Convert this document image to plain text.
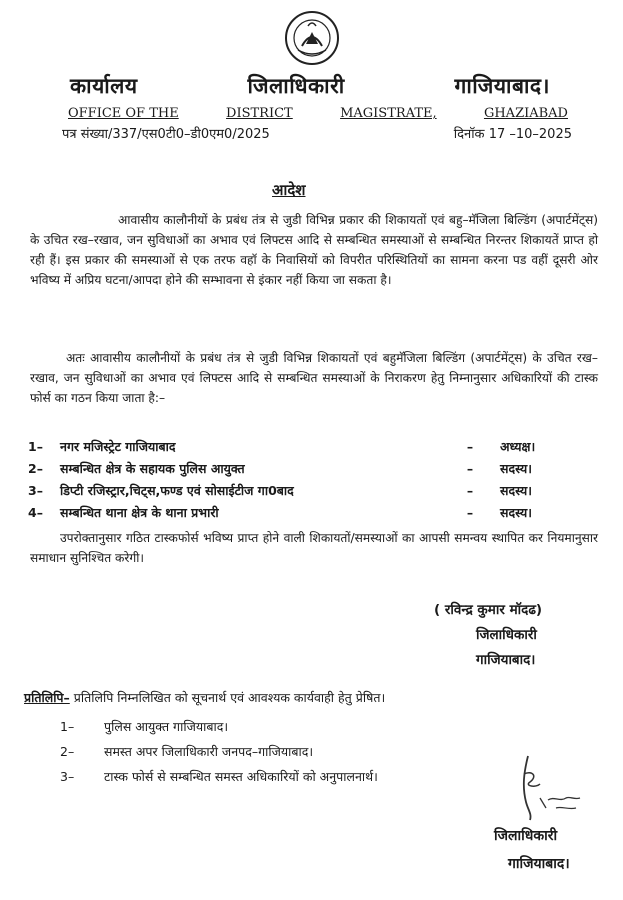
कार्यालय	जिलाधिकारी	गाजियाबाद।
OFFICE OF THE	DISTRICT	MAGISTRATE,	GHAZIABAD
पत्र संख्या/337/एस0टी0–डी0एम0/2025	दिनॉक 17 –10–2025
आदेश
आवासीय कालौनीयों के प्रबंध तंत्र से जुडी विभिन्न प्रकार की शिकायतों एवं बहु–मॅजिला बिल्डिंग (अपार्टमेंट्स) के उचित रख–रखाव, जन सुविधाओं का अभाव एवं लिफ्टस आदि से सम्बन्धित समस्याओं से सम्बन्धित निरन्तर शिकायतें प्राप्त हो रही हैं। इस प्रकार की समस्याओं से एक तरफ वहॉ के निवासियों को विपरीत परिस्थितियों का सामना करना पड वहीं दूसरी ओर भविष्य में अप्रिय घटना/आपदा होने की सम्भावना से इंकार नहीं किया जा सकता है।
अतः आवासीय कालौनीयों के प्रबंध तंत्र से जुडी विभिन्न शिकायतों एवं बहुमॅजिला बिल्डिंग (अपार्टमेंट्स) के उचित रख–रखाव, जन सुविधाओं का अभाव एवं लिफ्टस आदि से सम्बन्धित समस्याओं के निराकरण हेतु निम्नानुसार अधिकारियों की टास्क फोर्स का गठन किया जाता है:–
1–	नगर मजिस्ट्रेट गाजियाबाद	–	अध्यक्ष।
2–	सम्बन्धित क्षेत्र के सहायक पुलिस आयुक्त	–	सदस्य।
3–	डिप्टी रजिस्ट्रार,चिट्स,फण्ड एवं सोसाईटीज गा0बाद	–	सदस्य।
4–	सम्बन्धित थाना क्षेत्र के थाना प्रभारी	–	सदस्य।
उपरोक्तानुसार गठित टास्कफोर्स भविष्य प्राप्त होने वाली शिकायतों/समस्याओं का आपसी समन्वय स्थापित कर नियमानुसार समाधान सुनिश्चित करेगी।
( रविन्द्र कुमार मॉदढ)
जिलाधिकारी
गाजियाबाद।
प्रतिलिपि– प्रतिलिपि निम्नलिखित को सूचनार्थ एवं आवश्यक कार्यवाही हेतु प्रेषित।
1–	पुलिस आयुक्त गाजियाबाद।
2–	समस्त अपर जिलाधिकारी जनपद–गाजियाबाद।
3–	टास्क फोर्स से सम्बन्धित समस्त अधिकारियों को अनुपालनार्थ।
जिलाधिकारी
गाजियाबाद।
